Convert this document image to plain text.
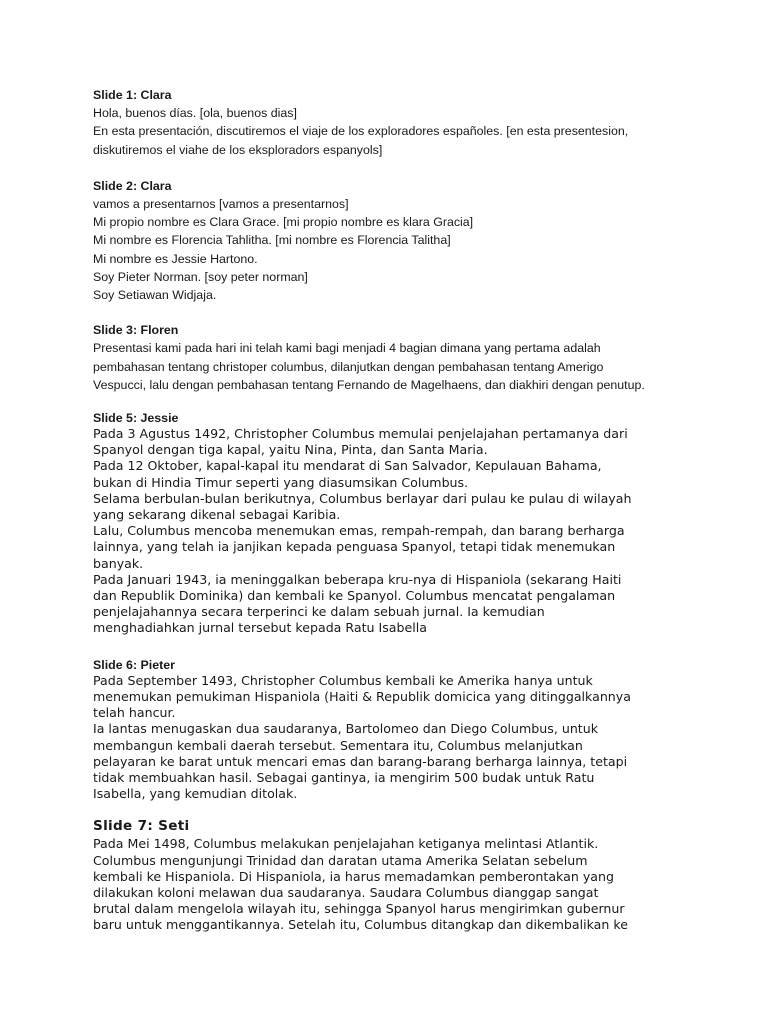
Slide 1: Clara
Hola, buenos días. [ola, buenos dias]
En esta presentación, discutiremos el viaje de los exploradores españoles. [en esta presentesion,
diskutiremos el viahe de los eksploradors espanyols]
Slide 2: Clara
vamos a presentarnos [vamos a presentarnos]
Mi propio nombre es Clara Grace. [mi propio nombre es klara Gracia]
Mi nombre es Florencia Tahlitha. [mi nombre es Florencia Talitha]
Mi nombre es Jessie Hartono.
Soy Pieter Norman. [soy peter norman]
Soy Setiawan Widjaja.
Slide 3: Floren
Presentasi kami pada hari ini telah kami bagi menjadi 4 bagian dimana yang pertama adalah
pembahasan tentang christoper columbus, dilanjutkan dengan pembahasan tentang Amerigo
Vespucci, lalu dengan pembahasan tentang Fernando de Magelhaens, dan diakhiri dengan penutup.
Slide 5: Jessie
Pada 3 Agustus 1492, Christopher Columbus memulai penjelajahan pertamanya dari
Spanyol dengan tiga kapal, yaitu Nina, Pinta, dan Santa Maria.
Pada 12 Oktober, kapal-kapal itu mendarat di San Salvador, Kepulauan Bahama,
bukan di Hindia Timur seperti yang diasumsikan Columbus.
Selama berbulan-bulan berikutnya, Columbus berlayar dari pulau ke pulau di wilayah
yang sekarang dikenal sebagai Karibia.
Lalu, Columbus mencoba menemukan emas, rempah-rempah, dan barang berharga
lainnya, yang telah ia janjikan kepada penguasa Spanyol, tetapi tidak menemukan
banyak.
Pada Januari 1943, ia meninggalkan beberapa kru-nya di Hispaniola (sekarang Haiti
dan Republik Dominika) dan kembali ke Spanyol. Columbus mencatat pengalaman
penjelajahannya secara terperinci ke dalam sebuah jurnal. Ia kemudian
menghadiahkan jurnal tersebut kepada Ratu Isabella
Slide 6: Pieter
Pada September 1493, Christopher Columbus kembali ke Amerika hanya untuk
menemukan pemukiman Hispaniola (Haiti & Republik domicica yang ditinggalkannya
telah hancur.
Ia lantas menugaskan dua saudaranya, Bartolomeo dan Diego Columbus, untuk
membangun kembali daerah tersebut. Sementara itu, Columbus melanjutkan
pelayaran ke barat untuk mencari emas dan barang-barang berharga lainnya, tetapi
tidak membuahkan hasil. Sebagai gantinya, ia mengirim 500 budak untuk Ratu
Isabella, yang kemudian ditolak.
Slide 7: Seti
Pada Mei 1498, Columbus melakukan penjelajahan ketiganya melintasi Atlantik.
Columbus mengunjungi Trinidad dan daratan utama Amerika Selatan sebelum
kembali ke Hispaniola. Di Hispaniola, ia harus memadamkan pemberontakan yang
dilakukan koloni melawan dua saudaranya. Saudara Columbus dianggap sangat
brutal dalam mengelola wilayah itu, sehingga Spanyol harus mengirimkan gubernur
baru untuk menggantikannya. Setelah itu, Columbus ditangkap dan dikembalikan ke
